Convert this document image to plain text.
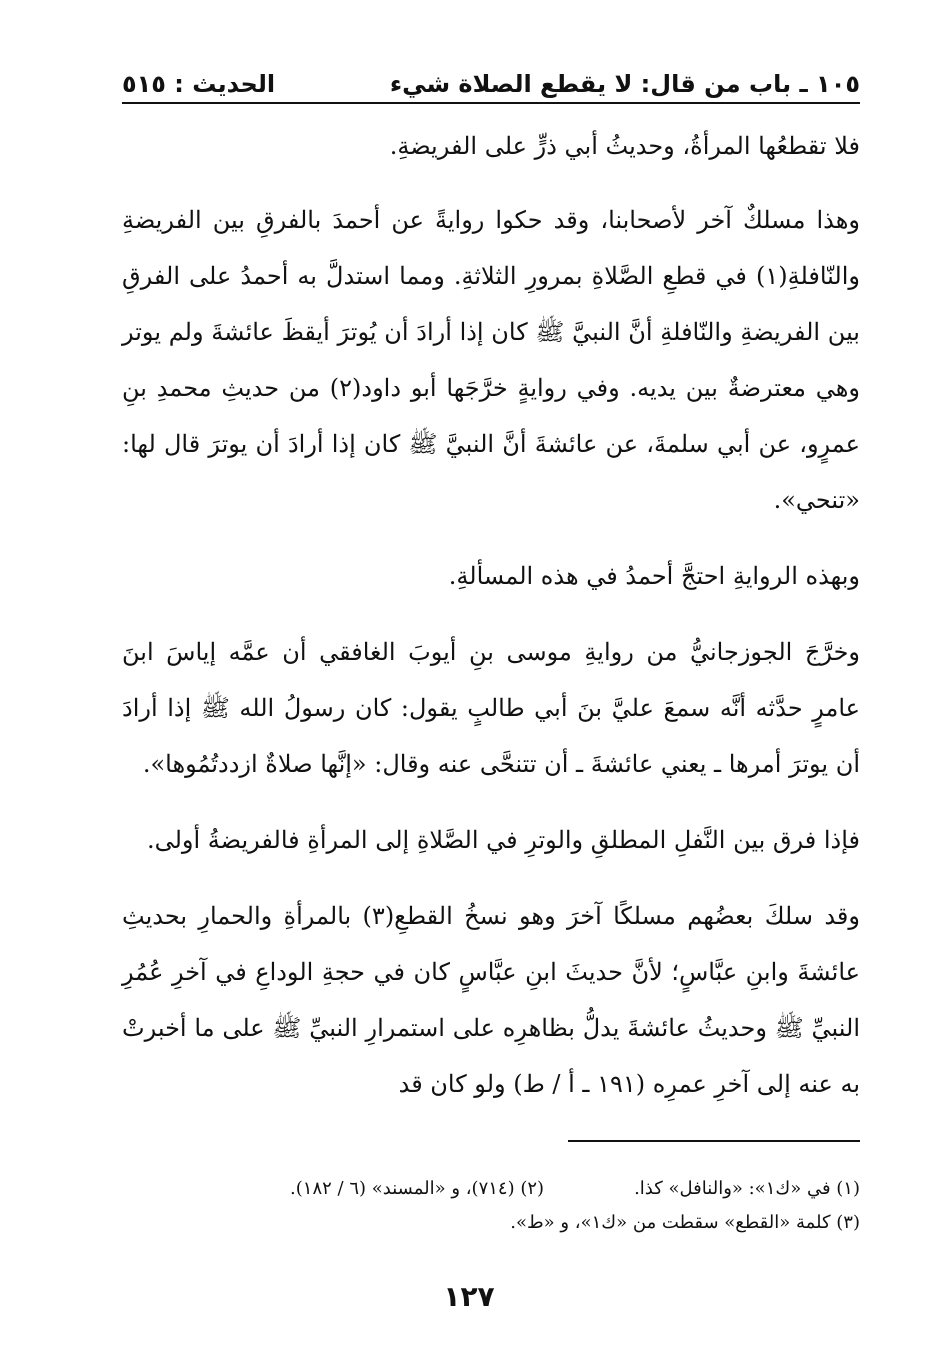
١٠٥ ـ باب من قال: لا يقطع الصلاة شيء
الحديث : ٥١٥

فلا تقطعُها المرأةُ، وحديثُ أبي ذرٍّ على الفريضةِ.

وهذا مسلكٌ آخر لأصحابنا، وقد حكوا روايةً عن أحمدَ بالفرقِ بين الفريضةِ والنّافلةِ(١) في قطعِ الصَّلاةِ بمرورِ الثلاثةِ. ومما استدلَّ به أحمدُ على الفرقِ بين الفريضةِ والنّافلةِ أنَّ النبيَّ ﷺ كان إذا أرادَ أن يُوترَ أيقظَ عائشةَ ولم يوتر وهي معترضةٌ بين يديه. وفي روايةٍ خرَّجَها أبو داود(٢) من حديثِ محمدِ بنِ عمرٍو، عن أبي سلمةَ، عن عائشةَ أنَّ النبيَّ ﷺ كان إذا أرادَ أن يوترَ قال لها: «تنحي».

وبهذه الروايةِ احتجَّ أحمدُ في هذه المسألةِ.

وخرَّجَ الجوزجانيُّ من روايةِ موسى بنِ أيوبَ الغافقي أن عمَّه إياسَ ابنَ عامرٍ حدَّثه أنَّه سمعَ عليَّ بنَ أبي طالبٍ يقول: كان رسولُ الله ﷺ إذا أرادَ أن يوترَ أمرها ـ يعني عائشةَ ـ أن تتنحَّى عنه وقال: «إنَّها صلاةٌ ازددتُمُوها».

فإذا فرق بين النَّفلِ المطلقِ والوترِ في الصَّلاةِ إلى المرأةِ فالفريضةُ أولى.

وقد سلكَ بعضُهم مسلكًا آخرَ وهو نسخُ القطعِ(٣) بالمرأةِ والحمارِ بحديثِ عائشةَ وابنِ عبَّاسٍ؛ لأنَّ حديثَ ابنِ عبَّاسٍ كان في حجةِ الوداعِ في آخرِ عُمُرِ النبيِّ ﷺ وحديثُ عائشةَ يدلُّ بظاهرِه على استمرارِ النبيِّ ﷺ على ما أخبرتْ به عنه إلى آخرِ عمرِه (١٩١ ـ أ / ط) ولو كان قد

(١) في «ك١»: «والنافل» كذا.
(٢) (٧١٤)، و «المسند» (٦ / ١٨٢).
(٣) كلمة «القطع» سقطت من «ك١»، و «ط».
١٢٧
